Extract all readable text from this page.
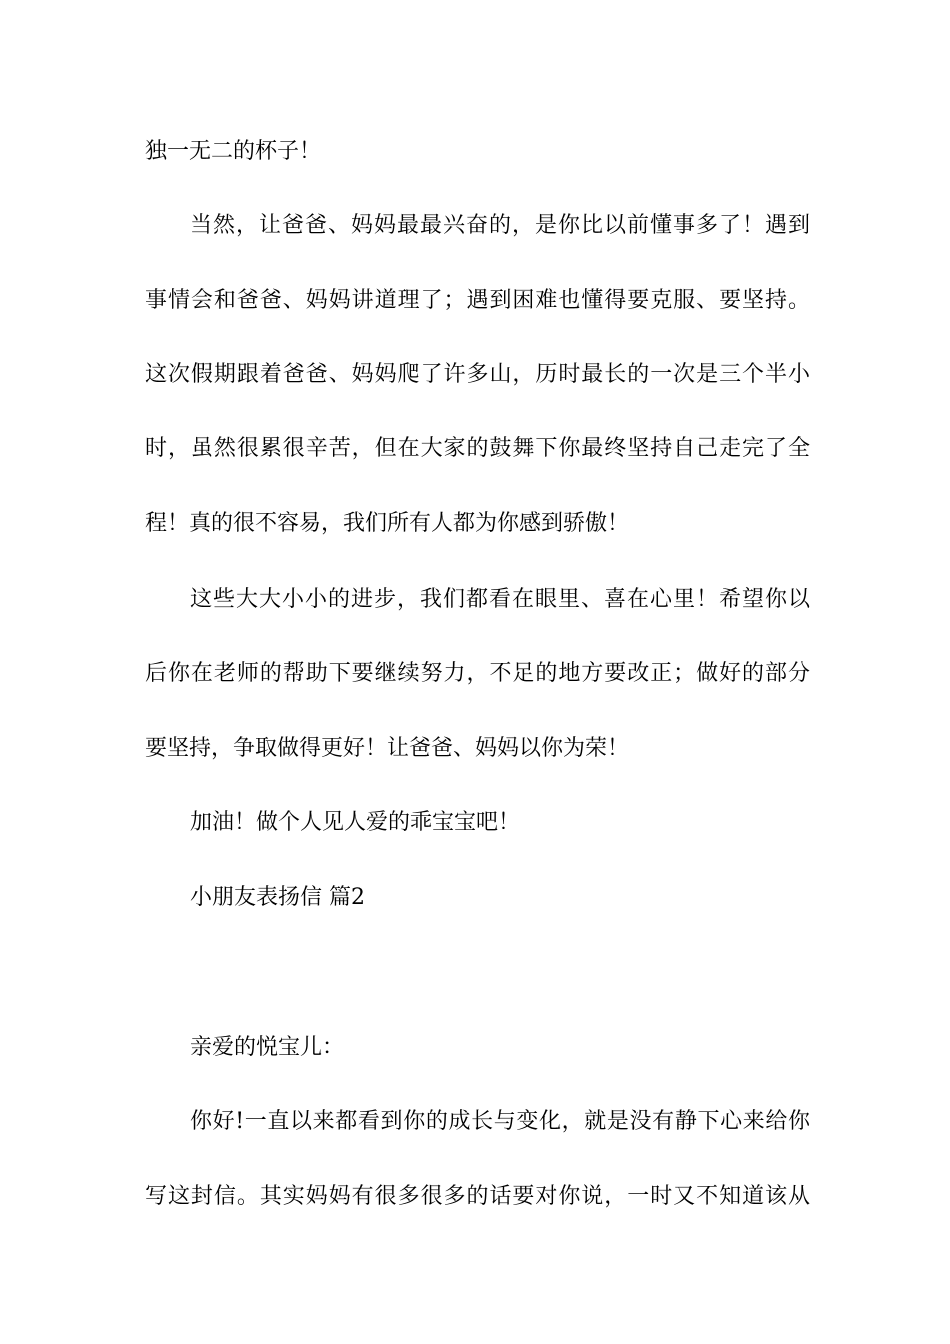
独一无二的杯子！
当然，让爸爸、妈妈最最兴奋的，是你比以前懂事多了！遇到
事情会和爸爸、妈妈讲道理了；遇到困难也懂得要克服、要坚持。
这次假期跟着爸爸、妈妈爬了许多山，历时最长的一次是三个半小
时，虽然很累很辛苦，但在大家的鼓舞下你最终坚持自己走完了全
程！真的很不容易，我们所有人都为你感到骄傲！
这些大大小小的进步，我们都看在眼里、喜在心里！希望你以
后你在老师的帮助下要继续努力，不足的地方要改正；做好的部分
要坚持，争取做得更好！让爸爸、妈妈以你为荣！
加油！做个人见人爱的乖宝宝吧！
小朋友表扬信 篇2
亲爱的悦宝儿：
你好!一直以来都看到你的成长与变化，就是没有静下心来给你
写这封信。其实妈妈有很多很多的话要对你说，一时又不知道该从
